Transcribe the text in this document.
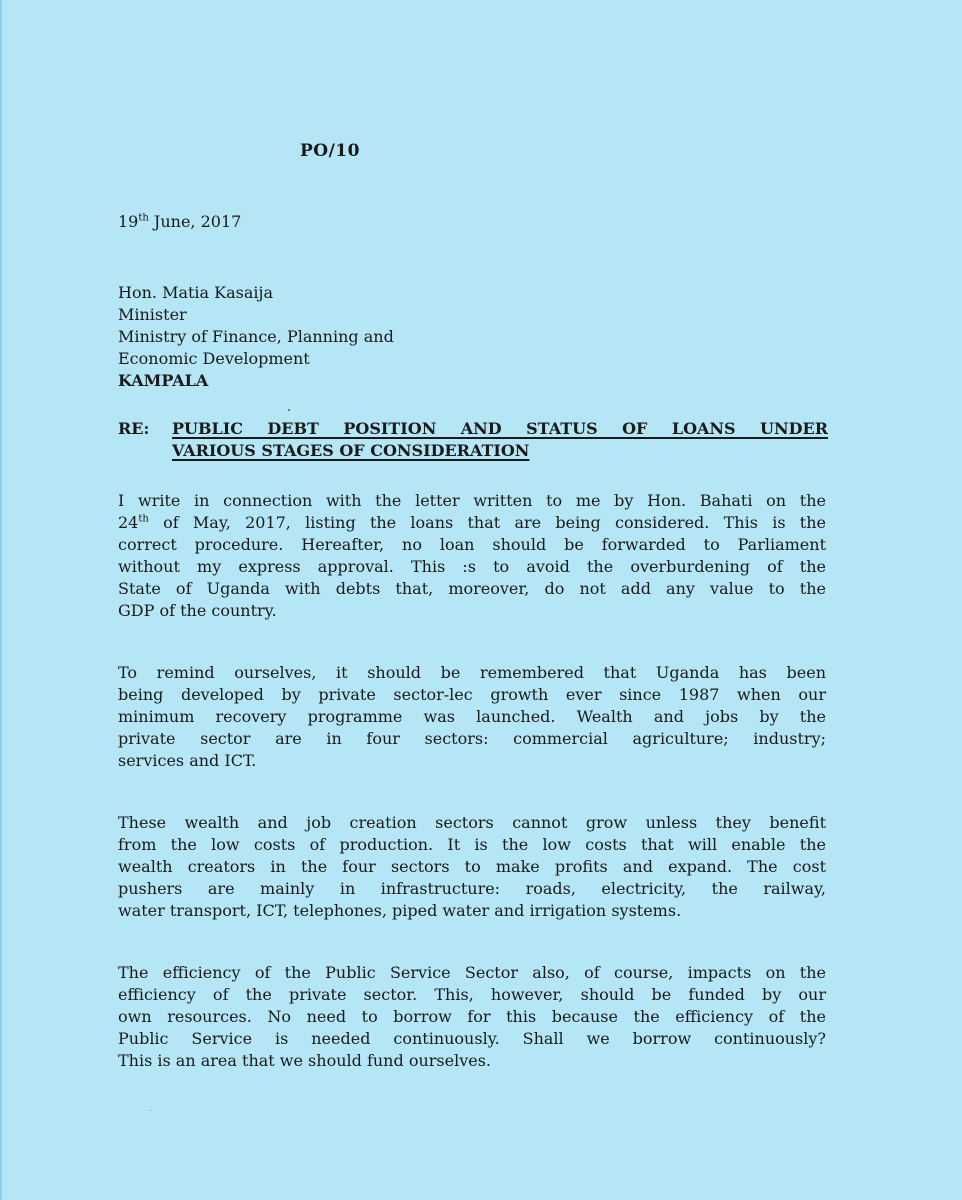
PO/10
19th June, 2017
Hon. Matia Kasaija
Minister
Ministry of Finance, Planning and
Economic Development
KAMPALA
RE: PUBLIC DEBT POSITION AND STATUS OF LOANS UNDER
VARIOUS STAGES OF CONSIDERATION
I write in connection with the letter written to me by Hon. Bahati on the
24th of May, 2017, listing the loans that are being considered. This is the
correct procedure. Hereafter, no loan should be forwarded to Parliament
without my express approval. This :s to avoid the overburdening of the
State of Uganda with debts that, moreover, do not add any value to the
GDP of the country.
To remind ourselves, it should be remembered that Uganda has been
being developed by private sector-lec growth ever since 1987 when our
minimum recovery programme was launched. Wealth and jobs by the
private sector are in four sectors: commercial agriculture; industry;
services and ICT.
These wealth and job creation sectors cannot grow unless they benefit
from the low costs of production. It is the low costs that will enable the
wealth creators in the four sectors to make profits and expand. The cost
pushers are mainly in infrastructure: roads, electricity, the railway,
water transport, ICT, telephones, piped water and irrigation systems.
The efficiency of the Public Service Sector also, of course, impacts on the
efficiency of the private sector. This, however, should be funded by our
own resources. No need to borrow for this because the efficiency of the
Public Service is needed continuously. Shall we borrow continuously?
This is an area that we should fund ourselves.
